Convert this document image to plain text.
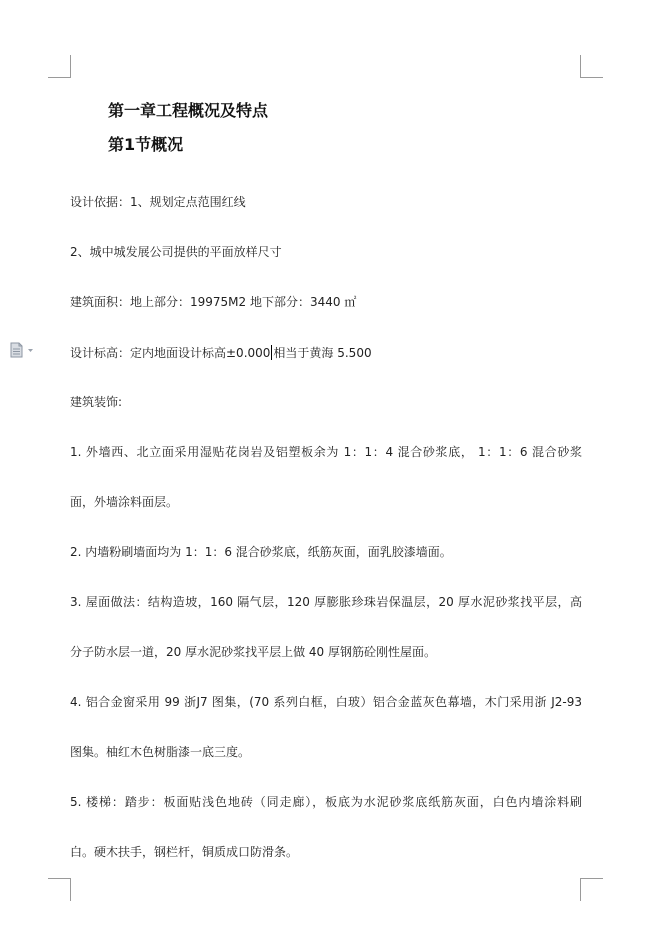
第一章工程概况及特点
第1节概况
设计依据：1、规划定点范围红线
2、城中城发展公司提供的平面放样尺寸
建筑面积：地上部分：19975M2 地下部分：3440 ㎡
设计标高：定内地面设计标高±0.000 相当于黄海 5.500
建筑装饰:
1. 外墙西、北立面采用湿贴花岗岩及铝塑板余为 1：1：4 混合砂浆底， 1：1：6 混合砂浆
面，外墙涂料面层。
2. 内墙粉刷墙面均为 1：1：6 混合砂浆底，纸筋灰面，面乳胶漆墙面。
3. 屋面做法：结构造坡，160 隔气层，120 厚膨胀珍珠岩保温层，20 厚水泥砂浆找平层，高
分子防水层一道，20 厚水泥砂浆找平层上做 40 厚钢筋砼刚性屋面。
4. 铝合金窗采用 99 浙J7 图集，(70 系列白框，白玻）铝合金蓝灰色幕墙，木门采用浙 J2-93
图集。柚红木色树脂漆一底三度。
5. 楼梯：踏步：板面贴浅色地砖（同走廊），板底为水泥砂浆底纸筋灰面，白色内墙涂料刷
白。硬木扶手，钢栏杆，铜质成口防滑条。
